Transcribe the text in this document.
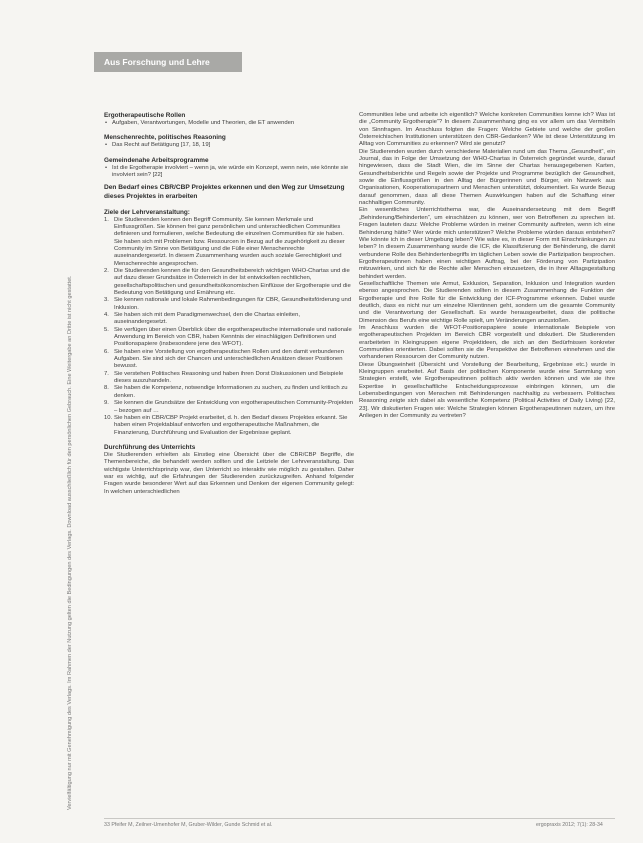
Aus Forschung und Lehre
Vervielfältigung nur mit Genehmigung des Verlags. Im Rahmen der Nutzung gelten die Bedingungen des Verlags. Download ausschließlich für den persönlichen Gebrauch. Eine Weitergabe an Dritte ist nicht gestattet.
Ergotherapeutische Rollen
• Aufgaben, Verantwortungen, Modelle und Theorien, die ET anwenden
Menschenrechte, politisches Reasoning
• Das Recht auf Betätigung [17, 18, 19]
Gemeindenahe Arbeitsprogramme
• Ist die Ergotherapie involviert – wenn ja, wie würde ein Konzept, wenn nein, wie könnte sie involviert sein? [22]
Den Bedarf eines CBR/CBP Projektes erkennen und den Weg zur Umsetzung dieses Projektes in erarbeiten
Ziele der Lehrveranstaltung:
1. Die Studierenden kennen den Begriff Community. Sie kennen Merkmale und Einflussgrößen. Sie können frei ganz persönlichen und unterschiedlichen Communities definieren und formulieren, welche Bedeutung die einzelnen Communities für sie haben. Sie haben sich mit Problemen bzw. Ressourcen in Bezug auf die zugehörigkeit zu dieser Community im Sinne von Betätigung und die Fülle einer Menschenrechte auseinandergesetzt. In diesem Zusammenhang wurden auch soziale Gerechtigkeit und Menschenrechte angesprochen.
2. Die Studierenden kennen die für den Gesundheitsbereich wichtigen WHO-Chartas und die auf dazu dieser Grundsätze in Österreich in der Ist entwickelten rechtlichen, gesellschaftspolitischen und gesundheitsökonomischen Einflüsse der Ergotherapie und die Bedeutung von Betätigung und Ernährung etc.
3. Sie kennen nationale und lokale Rahmenbedingungen für CBR, Gesundheitsförderung und Inklusion.
4. Sie haben sich mit dem Paradigmenwechsel, den die Chartas einleiten, auseinandergesetzt.
5. Sie verfügen über einen Überblick über die ergotherapeutische internationale und nationale Anwendung im Bereich von CBR, haben Kenntnis der einschlägigen Definitionen und Positionspapiere (insbesondere jene des WFOT).
6. Sie haben eine Vorstellung von ergotherapeutischen Rollen und den damit verbundenen Aufgaben. Sie sind sich der Chancen und unterschiedlichen Ansätzen dieser Positionen bewusst.
7. Sie verstehen Politisches Reasoning und haben ihren Dorst Diskussionen und Beispiele dieses auszuhandeln.
8. Sie haben die Kompetenz, notwendige Informationen zu suchen, zu finden und kritisch zu denken.
9. Sie kennen die Grundsätze der Entwicklung von ergotherapeutischen Community-Projekten – bezogen auf …
10. Sie haben ein CBR/CBP Projekt erarbeitet, d. h. den Bedarf dieses Projektes erkannt. Sie haben einen Projektablauf entworfen und ergotherapeutische Maßnahmen, die Finanzierung, Durchführung und Evaluation der Ergebnisse geplant.
Durchführung des Unterrichts

Die Studierenden erhielten als Einstieg eine Übersicht über die CBR/CBP Begriffe, die Themenbereiche, die behandelt werden sollten und die Leitziele der Lehrveranstaltung. Das wichtigste Unterrichtsprinzip war, den Unterricht so interaktiv wie möglich zu gestalten. Daher war es wichtig, auf die Erfahrungen der Studierenden zurückzugreifen. Anhand folgender Fragen wurde besonderer Wert auf das Erkennen und Denken der eigenen Community gelegt: In welchen unterschiedlichen

Communities lebe und arbeite ich eigentlich? Welche konkreten Communities kenne ich? Was ist die „Community Ergotherapie“? In diesem Zusammenhang ging es vor allem um das Vermitteln von Sinnfragen. Im Anschluss folgten die Fragen: Welche Gebiete und welche der großen Österreichischen Institutionen unterstützen den CBR-Gedanken? Wie ist diese Unterstützung im Alltag von Communities zu erkennen? Wird sie genutzt?

Die Studierenden wurden durch verschiedene Materialien rund um das Thema „Gesundheit“, ein Journal, das in Folge der Umsetzung der WHO-Chartas in Österreich gegründet wurde, darauf hingewiesen, dass die Stadt Wien, die im Sinne der Chartas herausgegebenen Karten, Gesundheitsberichte und Regeln sowie der Projekte und Programme bezüglich der Gesundheit, sowie die Einflussgrößen in den Alltag der Bürgerinnen und Bürger, ein Netzwerk aus Organisationen, Kooperationspartnern und Menschen unterstützt, dokumentiert. Es wurde Bezug darauf genommen, dass all diese Themen Auswirkungen haben auf die Schaffung einer nachhaltigen Community.

Ein wesentliches Unterrichtsthema war, die Auseinandersetzung mit dem Begriff „Behinderung/Behinderten“, um einschätzen zu können, wer von Betroffenen zu sprechen ist. Fragen lauteten dazu: Welche Probleme würden in meiner Community auftreten, wenn ich eine Behinderung hätte? Wer würde mich unterstützen? Welche Probleme würden daraus entstehen? Wie könnte ich in dieser Umgebung leben? Wie wäre es, in dieser Form mit Einschränkungen zu leben? In diesem Zusammenhang wurde die ICF, die Klassifizierung der Behinderung, die damit verbundene Rolle des Behindertenbegriffs im täglichen Leben sowie die Partizipation besprochen. Ergotherapeutinnen haben einen wichtigen Auftrag, bei der Förderung von Partizipation mitzuwirken, und sich für die Rechte aller Menschen einzusetzen, die in ihrer Alltagsgestaltung behindert werden.

Gesellschaftliche Themen wie Armut, Exklusion, Separation, Inklusion und Integration wurden ebenso angesprochen. Die Studierenden sollten in diesem Zusammenhang die Funktion der Ergotherapie und ihre Rolle für die Entwicklung der ICF-Programme erkennen. Dabei wurde deutlich, dass es nicht nur um einzelne Klientinnen geht, sondern um die gesamte Community und die Verantwortung der Gesellschaft. Es wurde herausgearbeitet, dass die politische Dimension des Berufs eine wichtige Rolle spielt, um Veränderungen anzustoßen.

Im Anschluss wurden die WFOT-Positionspapiere sowie internationale Beispiele von ergotherapeutischen Projekten im Bereich CBR vorgestellt und diskutiert. Die Studierenden erarbeiteten in Kleingruppen eigene Projektideen, die sich an den Bedürfnissen konkreter Communities orientierten. Dabei sollten sie die Perspektive der Betroffenen einnehmen und die vorhandenen Ressourcen der Community nutzen.

Diese Übungseinheit (Übersicht und Vorstellung der Bearbeitung, Ergebnisse etc.) wurde in Kleingruppen erarbeitet. Auf Basis der politischen Komponente wurde eine Sammlung von Strategien erstellt, wie Ergotherapeutinnen politisch aktiv werden können und wie sie ihre Expertise in gesellschaftliche Entscheidungsprozesse einbringen können, um die Lebensbedingungen von Menschen mit Behinderungen nachhaltig zu verbessern. Politisches Reasoning zeigte sich dabei als wesentliche Kompetenz (Political Activities of Daily Living) [22, 23]. Wir diskutierten Fragen wie: Welche Strategien können Ergotherapeutinnen nutzen, um ihre Anliegen in der Community zu vertreten?

33 Pfeifer M, Zeilner-Umenhofer M, Gruber-Wilder, Gunde Schmid et al.	ergopraxis 2012; 7(1): 28-34
